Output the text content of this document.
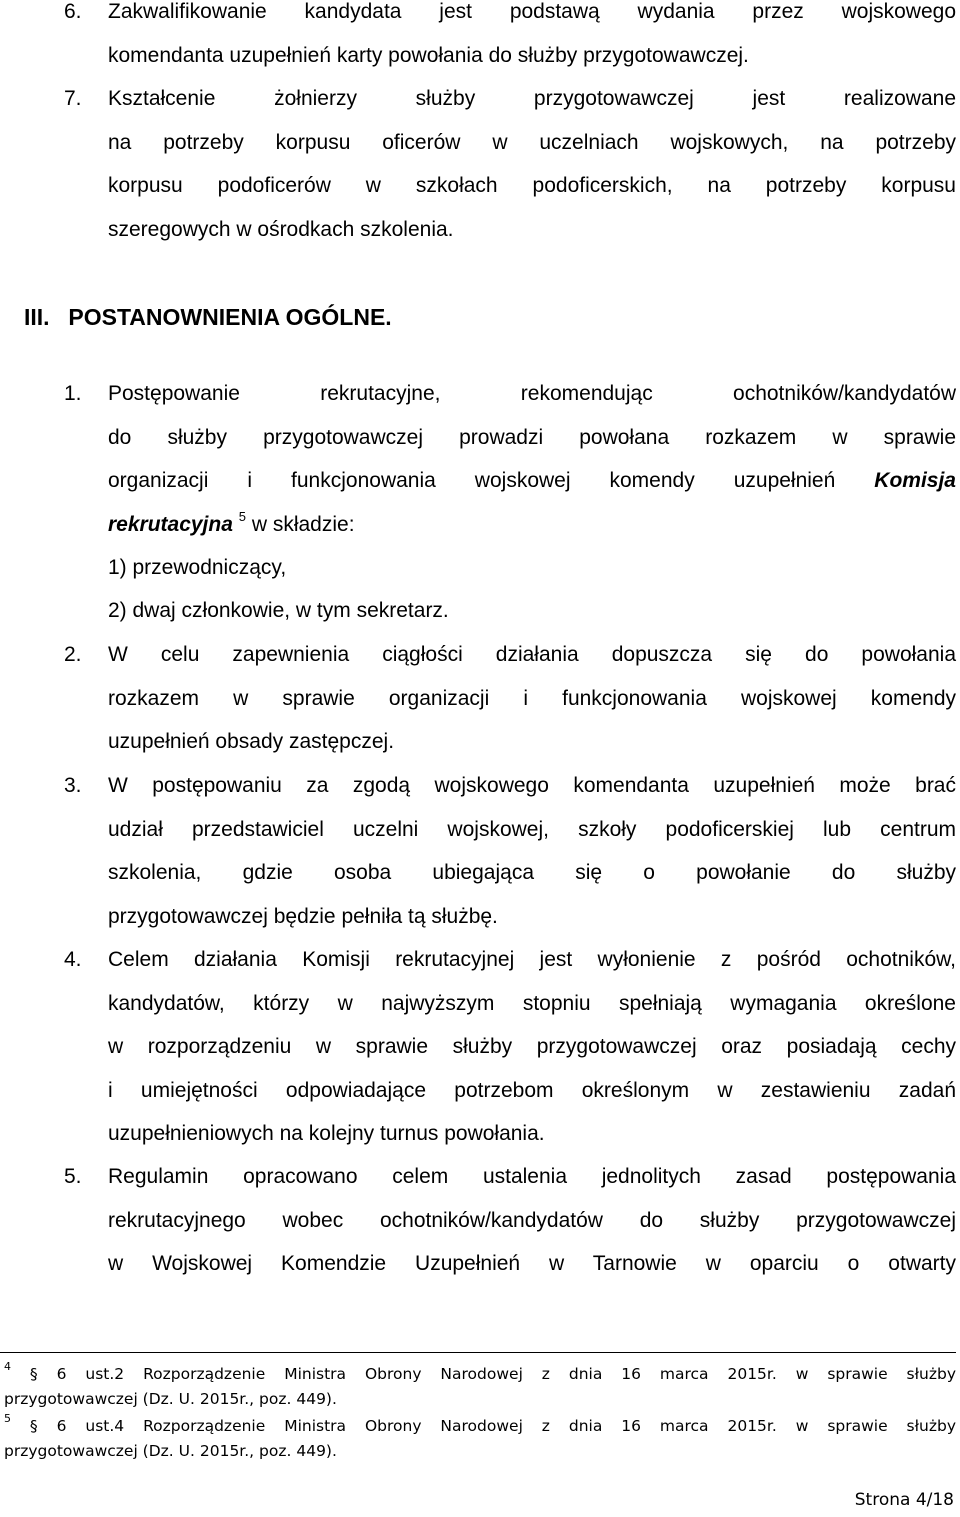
6. Zakwalifikowanie kandydata jest podstawą wydania przez wojskowego
komendanta uzupełnień karty powołania do służby przygotowawczej.
7. Kształcenie żołnierzy służby przygotowawczej jest realizowane
na potrzeby korpusu oficerów w uczelniach wojskowych, na potrzeby
korpusu podoficerów w szkołach podoficerskich, na potrzeby korpusu
szeregowych w ośrodkach szkolenia.
III. POSTANOWNIENIA OGÓLNE.
1. Postępowanie rekrutacyjne, rekomendując ochotników/kandydatów
do służby przygotowawczej prowadzi powołana rozkazem w sprawie
organizacji i funkcjonowania wojskowej komendy uzupełnień Komisja
rekrutacyjna $^5$ w składzie:
1) przewodniczący,
2) dwaj członkowie, w tym sekretarz.
2. W celu zapewnienia ciągłości działania dopuszcza się do powołania
rozkazem w sprawie organizacji i funkcjonowania wojskowej komendy
uzupełnień obsady zastępczej.
3. W postępowaniu za zgodą wojskowego komendanta uzupełnień może brać
udział przedstawiciel uczelni wojskowej, szkoły podoficerskiej lub centrum
szkolenia, gdzie osoba ubiegająca się o powołanie do służby
przygotowawczej będzie pełniła tą służbę.
4. Celem działania Komisji rekrutacyjnej jest wyłonienie z pośród ochotników,
kandydatów, którzy w najwyższym stopniu spełniają wymagania określone
w rozporządzeniu w sprawie służby przygotowawczej oraz posiadają cechy
i umiejętności odpowiadające potrzebom określonym w zestawieniu zadań
uzupełnieniowych na kolejny turnus powołania.
5. Regulamin opracowano celem ustalenia jednolitych zasad postępowania
rekrutacyjnego wobec ochotników/kandydatów do służby przygotowawczej
w Wojskowej Komendzie Uzupełnień w Tarnowie w oparciu o otwarty
$^4$ § 6 ust.2 Rozporządzenie Ministra Obrony Narodowej z dnia 16 marca 2015r. w sprawie służby
przygotowawczej (Dz. U. 2015r., poz. 449).
$^5$ § 6 ust.4 Rozporządzenie Ministra Obrony Narodowej z dnia 16 marca 2015r. w sprawie służby
przygotowawczej (Dz. U. 2015r., poz. 449).
Strona 4/18
